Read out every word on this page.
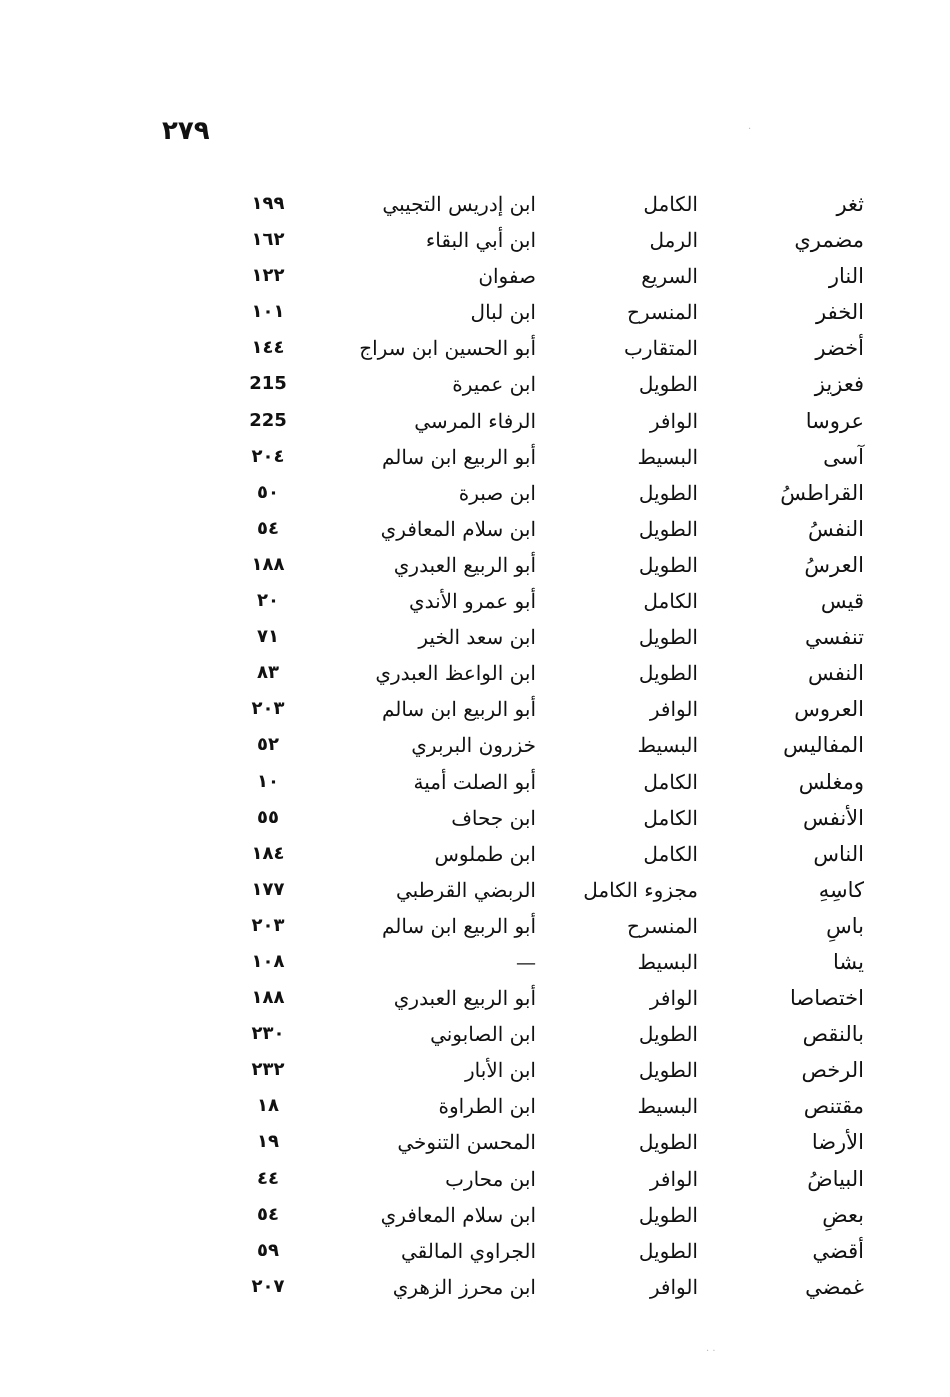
٢٧٩	·
· ·
ثغر
الكامل
ابن إدريس التجيبي
١٩٩
مضمري
الرمل
ابن أبي البقاء
١٦٢
النار
السريع
صفوان
١٢٢
الخفر
المنسرح
ابن لبال
١٠١
أخضر
المتقارب
أبو الحسين ابن سراج
١٤٤
فعزيز
الطويل
ابن عميرة
215
عروسا
الوافر
الرفاء المرسي
225
آسى
البسيط
أبو الربيع ابن سالم
٢٠٤
القراطسُ
الطويل
ابن صبرة
٥٠
النفسُ
الطويل
ابن سلام المعافري
٥٤
العرسُ
الطويل
أبو الربيع العبدري
١٨٨
قيس
الكامل
أبو عمرو الأندي
٢٠
تنفسي
الطويل
ابن سعد الخير
٧١
النفس
الطويل
ابن الواعظ العبدري
٨٣
العروس
الوافر
أبو الربيع ابن سالم
٢٠٣
المفاليس
البسيط
خزرون البربري
٥٢
ومغلس
الكامل
أبو الصلت أمية
١٠
الأنفس
الكامل
ابن جحاف
٥٥
الناس
الكامل
ابن طملوس
١٨٤
كاسِهِ
مجزوء الكامل
الربضي القرطبي
١٧٧
باسِ
المنسرح
أبو الربيع ابن سالم
٢٠٣
يشا
البسيط
—
١٠٨
اختصاصا
الوافر
أبو الربيع العبدري
١٨٨
بالنقص
الطويل
ابن الصابوني
٢٣٠
الرخص
الطويل
ابن الأبار
٢٣٢
مقتنص
البسيط
ابن الطراوة
١٨
الأرضا
الطويل
المحسن التنوخي
١٩
البياضُ
الوافر
ابن محارب
٤٤
بعضِ
الطويل
ابن سلام المعافري
٥٤
أقضي
الطويل
الجراوي المالقي
٥٩
غمضي
الوافر
ابن محرز الزهري
٢٠٧
